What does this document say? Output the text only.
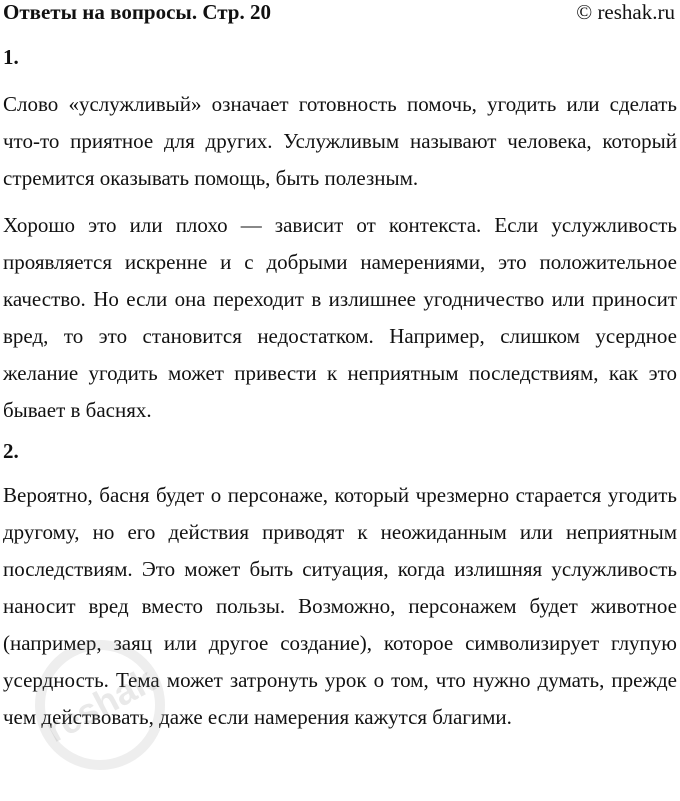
Ответы на вопросы. Стр. 20	© reshak.ru
1.

Слово «услужливый» означает готовность помочь, угодить или сделать что-то приятное для других. Услужливым называют человека, который стремится оказывать помощь, быть полезным.

Хорошо это или плохо — зависит от контекста. Если услужливость проявляется искренне и с добрыми намерениями, это положительное качество. Но если она переходит в излишнее угодничество или приносит вред, то это становится недостатком. Например, слишком усердное желание угодить может привести к неприятным последствиям, как это бывает в баснях.

2.

Вероятно, басня будет о персонаже, который чрезмерно старается угодить другому, но его действия приводят к неожиданным или неприятным последствиям. Это может быть ситуация, когда излишняя услужливость наносит вред вместо пользы. Возможно, персонажем будет животное (например, заяц или другое создание), которое символизирует глупую усердность. Тема может затронуть урок о том, что нужно думать, прежде чем действовать, даже если намерения кажутся благими.

reshak
